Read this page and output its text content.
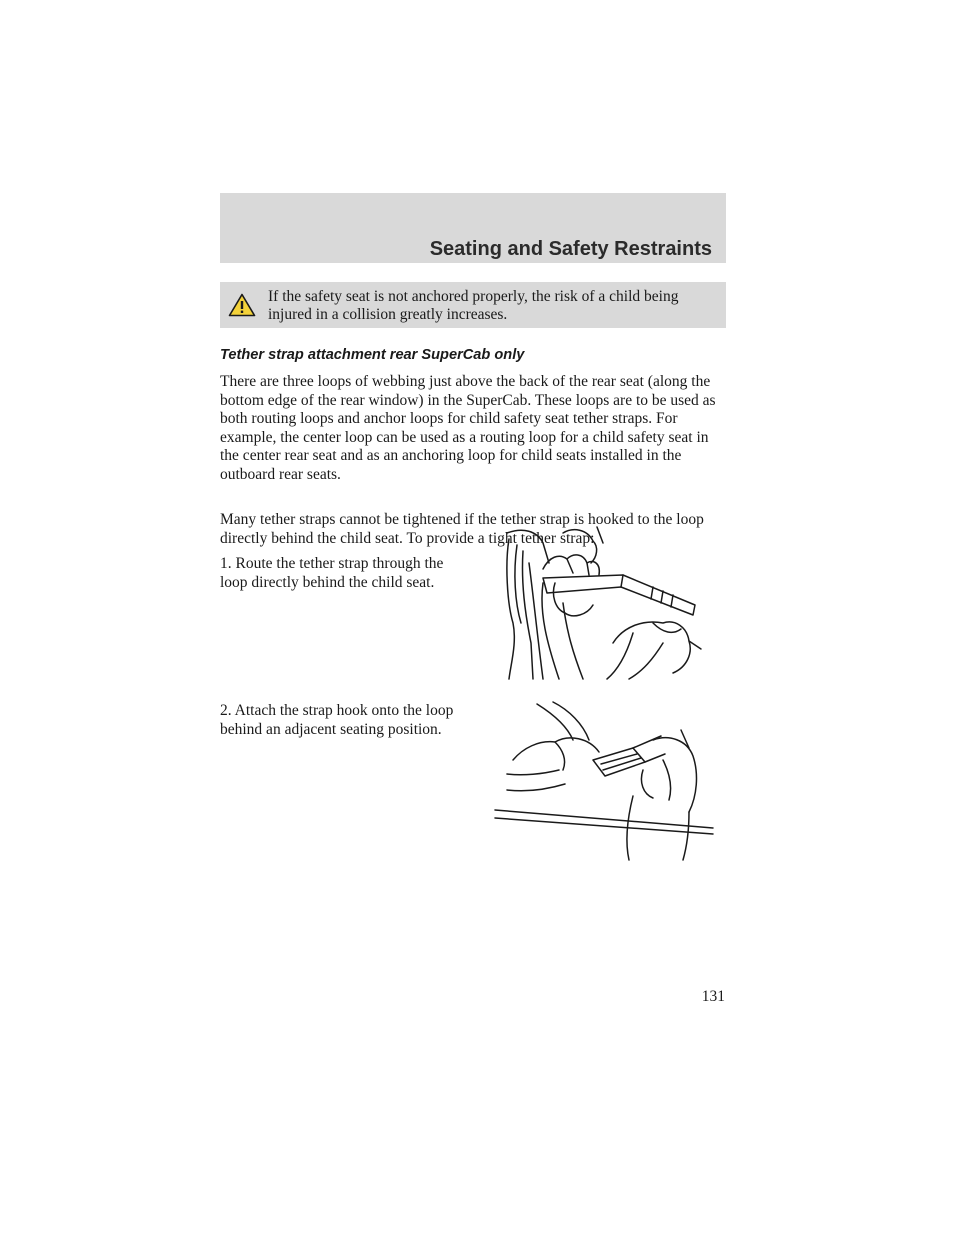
Seating and Safety Restraints

If the safety seat is not anchored properly, the risk of a child being injured in a collision greatly increases.

Tether strap attachment rear SuperCab only

There are three loops of webbing just above the back of the rear seat (along the bottom edge of the rear window) in the SuperCab. These loops are to be used as both routing loops and anchor loops for child safety seat tether straps. For example, the center loop can be used as a routing loop for a child safety seat in the center rear seat and as an anchoring loop for child seats installed in the outboard rear seats.

Many tether straps cannot be tightened if the tether strap is hooked to the loop directly behind the child seat. To provide a tight tether strap:

1. Route the tether strap through the loop directly behind the child seat.

2. Attach the strap hook onto the loop behind an adjacent seating position.

131
